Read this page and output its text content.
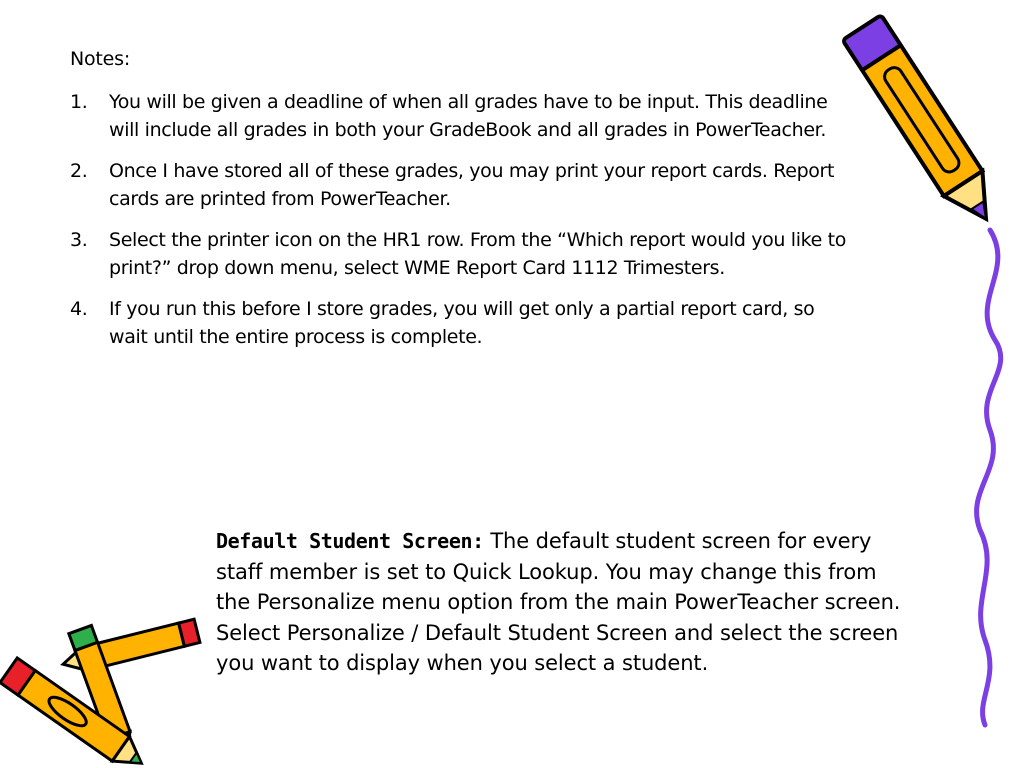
Notes:
1.	You will be given a deadline of when all grades have to be input. This deadline will include all grades in both your GradeBook and all grades in PowerTeacher.
2.	Once I have stored all of these grades, you may print your report cards. Report cards are printed from PowerTeacher.
3.	Select the printer icon on the HR1 row. From the “Which report would you like to print?” drop down menu, select WME Report Card 1112 Trimesters.
4.	If you run this before I store grades, you will get only a partial report card, so wait until the entire process is complete.
Default Student Screen: The default student screen for every staff member is set to Quick Lookup. You may change this from the Personalize menu option from the main PowerTeacher screen. Select Personalize / Default Student Screen and select the screen you want to display when you select a student.
